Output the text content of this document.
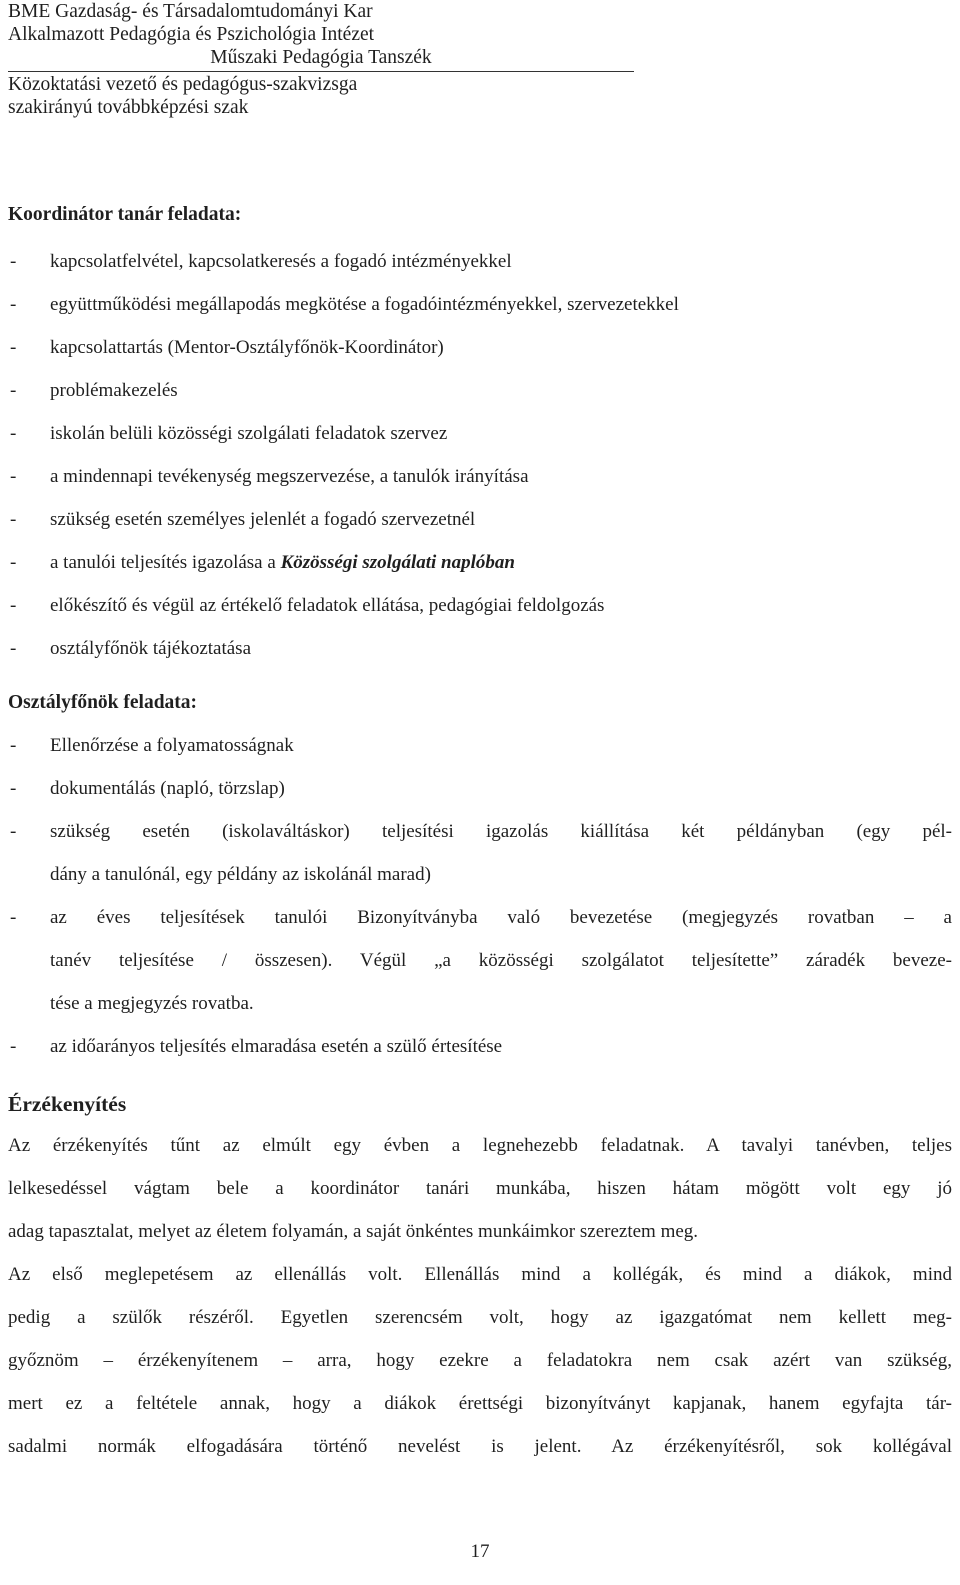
BME Gazdaság- és Társadalomtudományi Kar
Alkalmazott Pedagógia és Pszichológia Intézet
Műszaki Pedagógia Tanszék
Közoktatási vezető és pedagógus-szakvizsga
szakirányú továbbképzési szak
Koordinátor tanár feladata:
- kapcsolatfelvétel, kapcsolatkeresés a fogadó intézményekkel
- együttműködési megállapodás megkötése a fogadóintézményekkel, szervezetekkel
- kapcsolattartás (Mentor-Osztályfőnök-Koordinátor)
- problémakezelés
- iskolán belüli közösségi szolgálati feladatok szervez
- a mindennapi tevékenység megszervezése, a tanulók irányítása
- szükség esetén személyes jelenlét a fogadó szervezetnél
- a tanulói teljesítés igazolása a Közösségi szolgálati naplóban
- előkészítő és végül az értékelő feladatok ellátása, pedagógiai feldolgozás
- osztályfőnök tájékoztatása
Osztályfőnök feladata:
- Ellenőrzése a folyamatosságnak
- dokumentálás (napló, törzslap)
- szükség esetén (iskolaváltáskor) teljesítési igazolás kiállítása két példányban (egy pél-
dány a tanulónál, egy példány az iskolánál marad)
- az éves teljesítések tanulói Bizonyítványba való bevezetése (megjegyzés rovatban – a
tanév teljesítése / összesen). Végül „a közösségi szolgálatot teljesítette” záradék beveze-
tése a megjegyzés rovatba.
- az időarányos teljesítés elmaradása esetén a szülő értesítése
Érzékenyítés
Az érzékenyítés tűnt az elmúlt egy évben a legnehezebb feladatnak. A tavalyi tanévben, teljes
lelkesedéssel vágtam bele a koordinátor tanári munkába, hiszen hátam mögött volt egy jó
adag tapasztalat, melyet az életem folyamán, a saját önkéntes munkáimkor szereztem meg.
Az első meglepetésem az ellenállás volt. Ellenállás mind a kollégák, és mind a diákok, mind
pedig a szülők részéről. Egyetlen szerencsém volt, hogy az igazgatómat nem kellett meg-
győznöm – érzékenyítenem – arra, hogy ezekre a feladatokra nem csak azért van szükség,
mert ez a feltétele annak, hogy a diákok érettségi bizonyítványt kapjanak, hanem egyfajta tár-
sadalmi normák elfogadására történő nevelést is jelent. Az érzékenyítésről, sok kollégával
17
